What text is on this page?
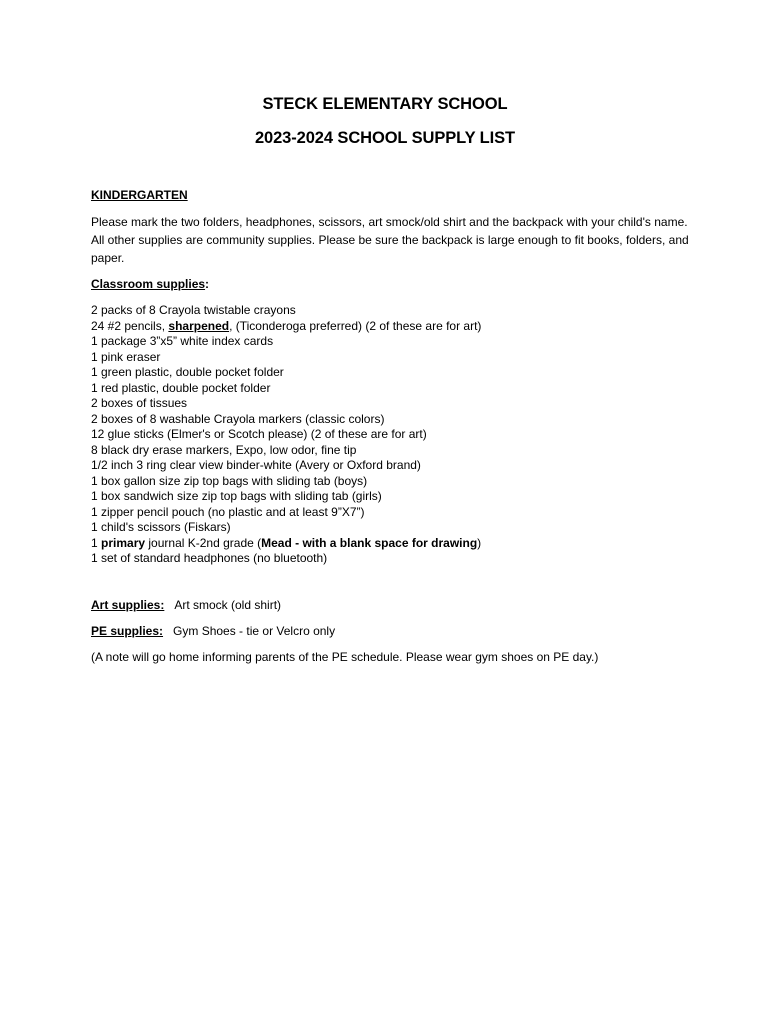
STECK ELEMENTARY SCHOOL
2023-2024 SCHOOL SUPPLY LIST
KINDERGARTEN
Please mark the two folders, headphones, scissors, art smock/old shirt and the backpack with your child's name. All other supplies are community supplies. Please be sure the backpack is large enough to fit books, folders, and paper.
Classroom supplies:
2 packs of 8 Crayola twistable crayons
24 #2 pencils, sharpened, (Ticonderoga preferred) (2 of these are for art)
1 package 3”x5” white index cards
1 pink eraser
1 green plastic, double pocket folder
1 red plastic, double pocket folder
2 boxes of tissues
2 boxes of 8 washable Crayola markers (classic colors)
12 glue sticks (Elmer's or Scotch please) (2 of these are for art)
8 black dry erase markers, Expo, low odor, fine tip
1/2 inch 3 ring clear view binder-white (Avery or Oxford brand)
1 box gallon size zip top bags with sliding tab (boys)
1 box sandwich size zip top bags with sliding tab (girls)
1 zipper pencil pouch (no plastic and at least 9”X7”)
1 child's scissors (Fiskars)
1 primary journal K-2nd grade (Mead - with a blank space for drawing)
1 set of standard headphones (no bluetooth)
Art supplies: Art smock (old shirt)
PE supplies: Gym Shoes - tie or Velcro only
(A note will go home informing parents of the PE schedule. Please wear gym shoes on PE day.)
